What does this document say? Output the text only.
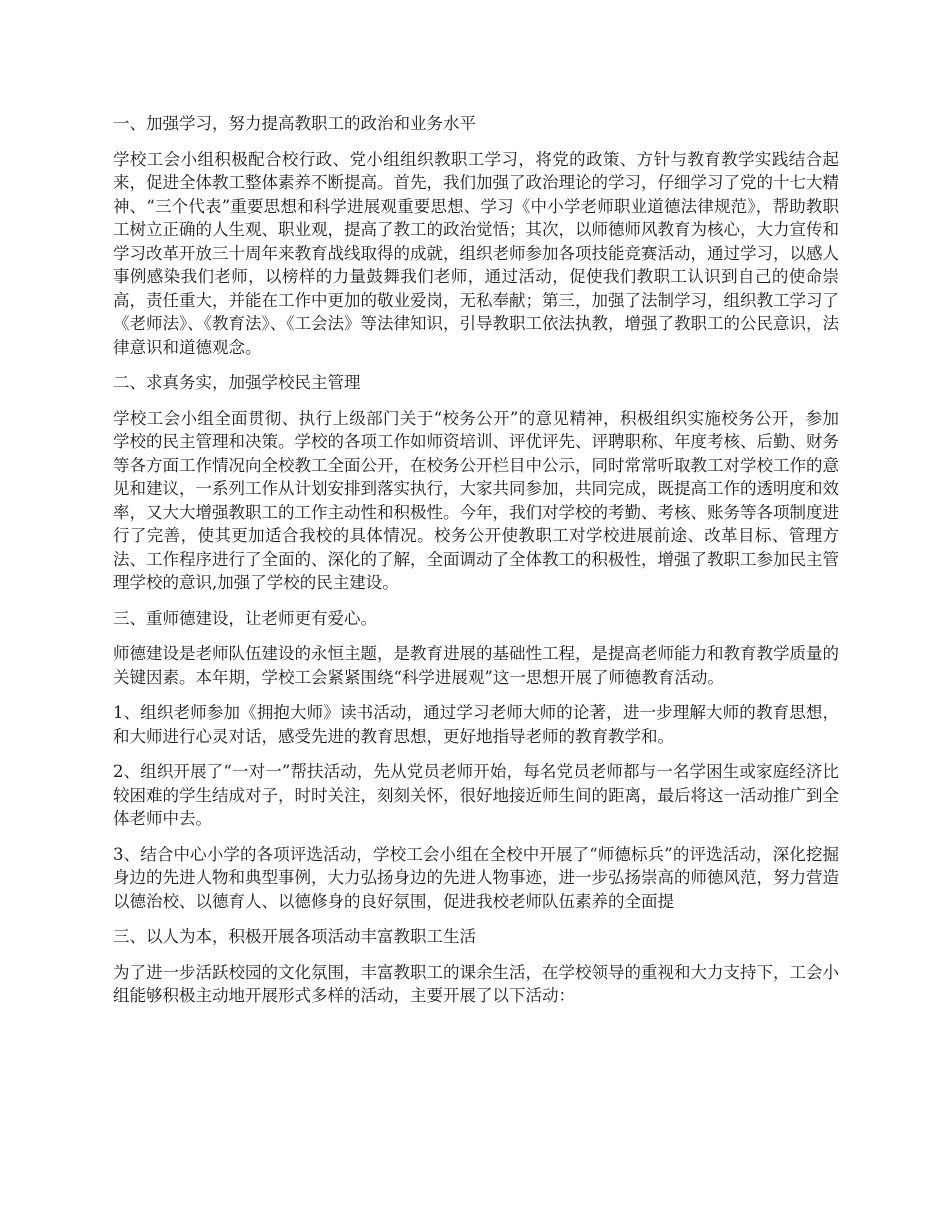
一、加强学习，努力提高教职工的政治和业务水平

学校工会小组积极配合校行政、党小组组织教职工学习，将党的政策、方针与教育教学实践结合起来，促进全体教工整体素养不断提高。首先，我们加强了政治理论的学习，仔细学习了党的十七大精神、“三个代表”重要思想和科学进展观重要思想、学习《中小学老师职业道德法律规范》，帮助教职工树立正确的人生观、职业观，提高了教工的政治觉悟；其次，以师德师风教育为核心，大力宣传和学习改革开放三十周年来教育战线取得的成就，组织老师参加各项技能竞赛活动，通过学习，以感人事例感染我们老师，以榜样的力量鼓舞我们老师，通过活动，促使我们教职工认识到自己的使命崇高，责任重大，并能在工作中更加的敬业爱岗，无私奉献；第三，加强了法制学习，组织教工学习了《老师法》、《教育法》、《工会法》等法律知识，引导教职工依法执教，增强了教职工的公民意识，法律意识和道德观念。

二、求真务实，加强学校民主管理

学校工会小组全面贯彻、执行上级部门关于“校务公开”的意见精神，积极组织实施校务公开，参加学校的民主管理和决策。学校的各项工作如师资培训、评优评先、评聘职称、年度考核、后勤、财务等各方面工作情况向全校教工全面公开，在校务公开栏目中公示，同时常常听取教工对学校工作的意见和建议，一系列工作从计划安排到落实执行，大家共同参加，共同完成，既提高工作的透明度和效率，又大大增强教职工的工作主动性和积极性。今年，我们对学校的考勤、考核、账务等各项制度进行了完善，使其更加适合我校的具体情况。校务公开使教职工对学校进展前途、改革目标、管理方法、工作程序进行了全面的、深化的了解，全面调动了全体教工的积极性，增强了教职工参加民主管理学校的意识,加强了学校的民主建设。

三、重师德建设，让老师更有爱心。

师德建设是老师队伍建设的永恒主题，是教育进展的基础性工程，是提高老师能力和教育教学质量的关键因素。本年期，学校工会紧紧围绕“科学进展观”这一思想开展了师德教育活动。

1、组织老师参加《拥抱大师》读书活动，通过学习老师大师的论著，进一步理解大师的教育思想，和大师进行心灵对话，感受先进的教育思想，更好地指导老师的教育教学和。

2、组织开展了“一对一”帮扶活动，先从党员老师开始，每名党员老师都与一名学困生或家庭经济比较困难的学生结成对子，时时关注，刻刻关怀，很好地接近师生间的距离，最后将这一活动推广到全体老师中去。

3、结合中心小学的各项评选活动，学校工会小组在全校中开展了“师德标兵”的评选活动，深化挖掘身边的先进人物和典型事例，大力弘扬身边的先进人物事迹，进一步弘扬崇高的师德风范，努力营造以德治校、以德育人、以德修身的良好氛围，促进我校老师队伍素养的全面提

三、以人为本，积极开展各项活动丰富教职工生活

为了进一步活跃校园的文化氛围，丰富教职工的课余生活，在学校领导的重视和大力支持下，工会小组能够积极主动地开展形式多样的活动，主要开展了以下活动：
